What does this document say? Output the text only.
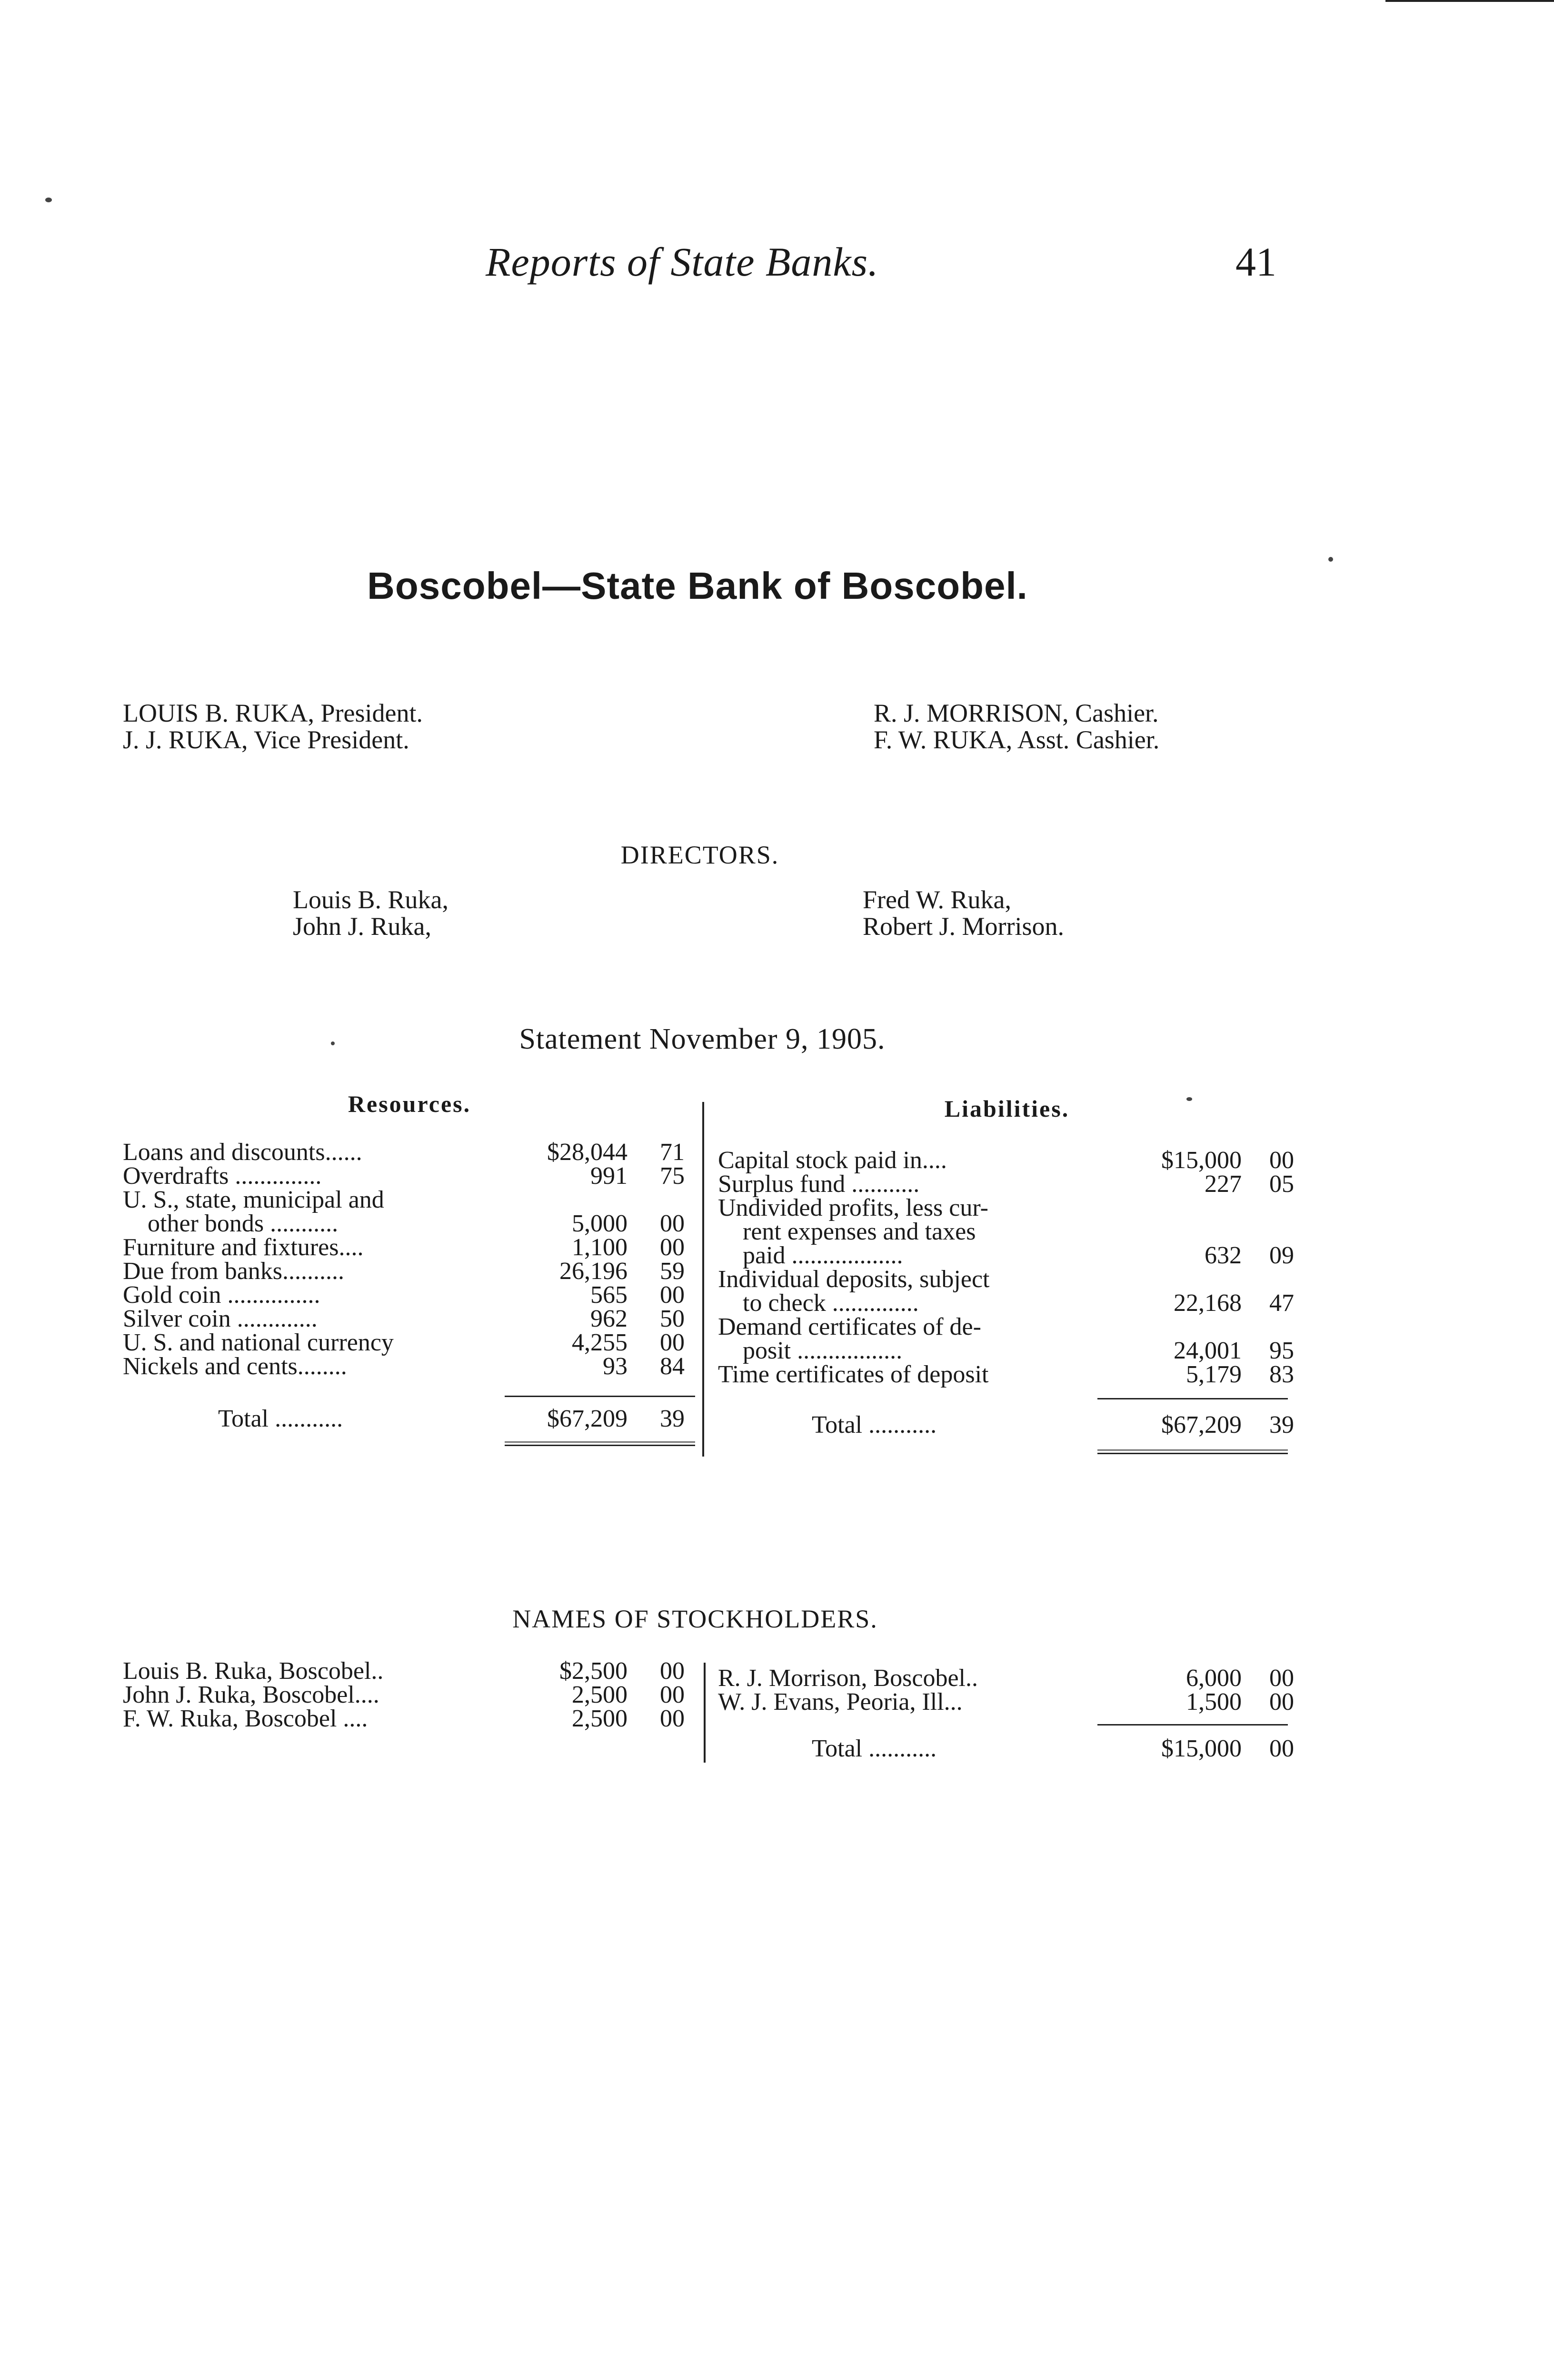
Reports of State Banks.	41
Boscobel—State Bank of Boscobel.
LOUIS B. RUKA, President.
J. J. RUKA, Vice President.
R. J. MORRISON, Cashier.
F. W. RUKA, Asst. Cashier.
DIRECTORS.
Louis B. Ruka,
John J. Ruka,
Fred W. Ruka,
Robert J. Morrison.
Statement November 9, 1905.
Resources.	Liabilities.
Loans and discounts......	$28,044	71
Overdrafts ..............	991	75
U. S., state, municipal and
other bonds ...........	5,000	00
Furniture and fixtures....	1,100	00
Due from banks..........	26,196	59
Gold coin ...............	565	00
Silver coin .............	962	50
U. S. and national currency	4,255	00
Nickels and cents........	93	84
Total ...........	$67,209	39
Capital stock paid in....	$15,000	00
Surplus fund ...........	227	05
Undivided profits, less cur-
rent expenses and taxes
paid ..................	632	09
Individual deposits, subject
to check ..............	22,168	47
Demand certificates of de-
posit .................	24,001	95
Time certificates of deposit	5,179	83
Total ...........	$67,209	39
NAMES OF STOCKHOLDERS.
Louis B. Ruka, Boscobel..	$2,500	00
John J. Ruka, Boscobel....	2,500	00
F. W. Ruka, Boscobel ....	2,500	00
R. J. Morrison, Boscobel..	6,000	00
W. J. Evans, Peoria, Ill...	1,500	00
Total ...........	$15,000	00
